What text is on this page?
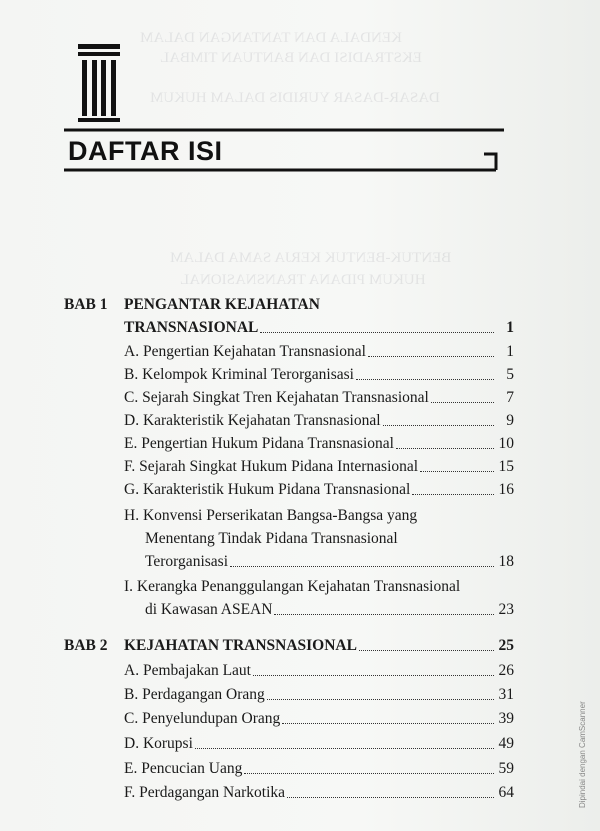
KENDALA DAN TANTANGAN DALAM
EKSTRADISI DAN BANTUAN TIMBAL
DASAR-DASAR YURIDIS DALAM HUKUM
BENTUK-BENTUK KERJA SAMA DALAM
HUKUM PIDANA TRANSNASIONAL
DAFTAR ISI
BAB 1 PENGANTAR KEJAHATAN
TRANSNASIONAL	1
A. Pengertian Kejahatan Transnasional	1
B. Kelompok Kriminal Terorganisasi	5
C. Sejarah Singkat Tren Kejahatan Transnasional	7
D. Karakteristik Kejahatan Transnasional	9
E. Pengertian Hukum Pidana Transnasional	10
F. Sejarah Singkat Hukum Pidana Internasional	15
G. Karakteristik Hukum Pidana Transnasional	16
H. Konvensi Perserikatan Bangsa-Bangsa yang
Menentang Tindak Pidana Transnasional
Terorganisasi	18
I. Kerangka Penanggulangan Kejahatan Transnasional
di Kawasan ASEAN	23
BAB 2 KEJAHATAN TRANSNASIONAL	25
A. Pembajakan Laut	26
B. Perdagangan Orang	31
C. Penyelundupan Orang	39
D. Korupsi	49
E. Pencucian Uang	59
F. Perdagangan Narkotika	64	Dipindai dengan CamScanner
